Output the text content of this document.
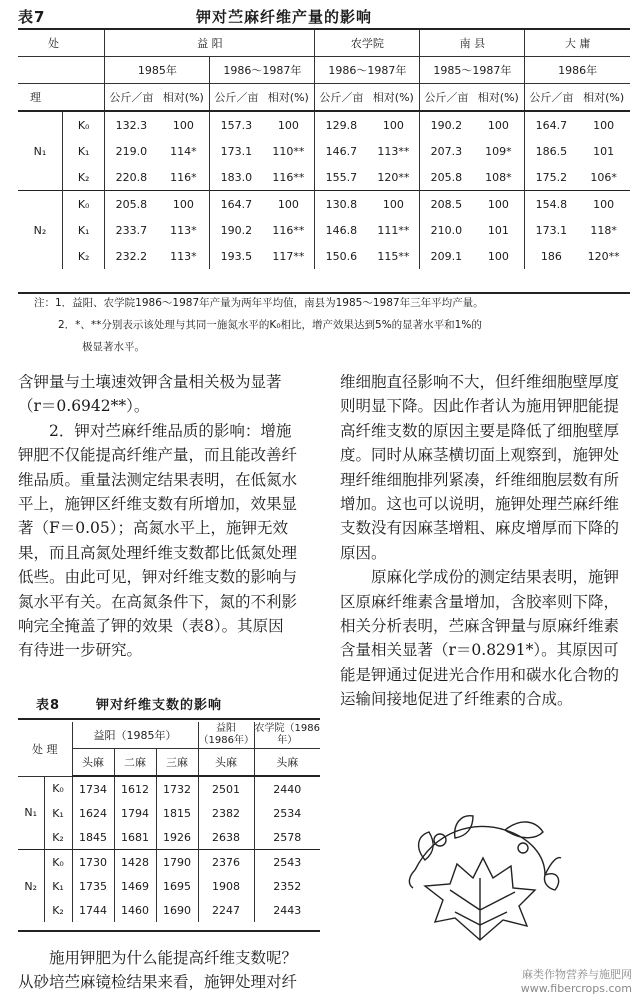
表7	钾对苎麻纤维产量的影响
处		益 阳				农学院		南 县		大 庸	
		1985年		1986～1987年		1986～1987年		1985～1987年		1986年	
理		公斤／亩	相对(%)	公斤／亩	相对(%)	公斤／亩	相对(%)	公斤／亩	相对(%)	公斤／亩	相对(%)
N₁	K₀	132.3	100	157.3	100	129.8	100	190.2	100	164.7	100
	K₁	219.0	114*	173.1	110**	146.7	113**	207.3	109*	186.5	101
	K₂	220.8	116*	183.0	116**	155.7	120**	205.8	108*	175.2	106*
N₂	K₀	205.8	100	164.7	100	130.8	100	208.5	100	154.8	100
	K₁	233.7	113*	190.2	116**	146.8	111**	210.0	101	173.1	118*
	K₂	232.2	113*	193.5	117**	150.6	115**	209.1	100	186	120**
注：1．益阳、农学院1986～1987年产量为两年平均值，南县为1985～1987年三年平均产量。
2．*、**分别表示该处理与其同一施氮水平的K₀相比，增产效果达到5%的显著水平和1%的
极显著水平。
含钾量与土壤速效钾含量相关极为显著
（r＝0.6942**）。
2．钾对苎麻纤维品质的影响：增施
钾肥不仅能提高纤维产量，而且能改善纤
维品质。重量法测定结果表明，在低氮水
平上，施钾区纤维支数有所增加，效果显
著（F＝0.05）；高氮水平上，施钾无效
果，而且高氮处理纤维支数都比低氮处理
低些。由此可见，钾对纤维支数的影响与
氮水平有关。在高氮条件下，氮的不利影
响完全掩盖了钾的效果（表8）。其原因
有待进一步研究。
表8	钾对纤维支数的影响
处 理		益阳（1985年）			益阳（1986年）	农学院（1986年）
		头麻	二麻	三麻	头麻	头麻
N₁	K₀	1734	1612	1732	2501	2440
	K₁	1624	1794	1815	2382	2534
	K₂	1845	1681	1926	2638	2578
N₂	K₀	1730	1428	1790	2376	2543
	K₁	1735	1469	1695	1908	2352
	K₂	1744	1460	1690	2247	2443
施用钾肥为什么能提高纤维支数呢？
从砂培苎麻镜检结果来看，施钾处理对纤
维细胞直径影响不大，但纤维细胞壁厚度
则明显下降。因此作者认为施用钾肥能提
高纤维支数的原因主要是降低了细胞壁厚
度。同时从麻茎横切面上观察到，施钾处
理纤维细胞排列紧凑，纤维细胞层数有所
增加。这也可以说明，施钾处理苎麻纤维
支数没有因麻茎增粗、麻皮增厚而下降的
原因。
原麻化学成份的测定结果表明，施钾
区原麻纤维素含量增加，含胶率则下降，
相关分析表明，苎麻含钾量与原麻纤维素
含量相关显著（r＝0.8291*）。其原因可
能是钾通过促进光合作用和碳水化合物的
运输间接地促进了纤维素的合成。
麻类作物营养与施肥网
www.fibercrops.com
